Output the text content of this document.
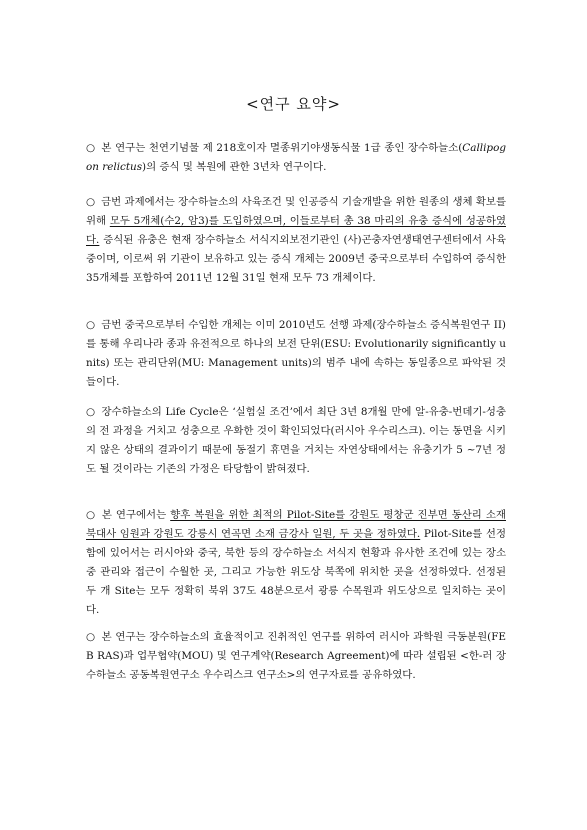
<연구 요약>

○ 본 연구는 천연기념물 제 218호이자 멸종위기야생동식물 1급 종인 장수하늘소(Callipogon relictus)의 증식 및 복원에 관한 3년차 연구이다.

○ 금번 과제에서는 장수하늘소의 사육조건 및 인공증식 기술개발을 위한 원종의 생체 확보를 위해 모두 5개체(수2, 암3)를 도입하였으며, 이들로부터 총 38 마리의 유충 증식에 성공하였다. 증식된 유충은 현재 장수하늘소 서식지외보전기관인 (사)곤충자연생태연구센터에서 사육 중이며, 이로써 위 기관이 보유하고 있는 증식 개체는 2009년 중국으로부터 수입하여 증식한 35개체를 포함하여 2011년 12월 31일 현재 모두 73 개체이다.

○ 금번 중국으로부터 수입한 개체는 이미 2010년도 선행 과제(장수하늘소 증식복원연구 II)를 통해 우리나라 종과 유전적으로 하나의 보전 단위(ESU: Evolutionarily significantly units) 또는 관리단위(MU: Management units)의 범주 내에 속하는 동일종으로 파악된 것들이다.

○ 장수하늘소의 Life Cycle은 ‘실험실 조건’에서 최단 3년 8개월 만에 알-유충-번데기-성충의 전 과정을 거치고 성충으로 우화한 것이 확인되었다(러시아 우수리스크). 이는 동면을 시키지 않은 상태의 결과이기 때문에 동절기 휴면을 거치는 자연상태에서는 유충기가 5 ~7년 정도 될 것이라는 기존의 가정은 타당함이 밝혀졌다.

○ 본 연구에서는 향후 복원을 위한 최적의 Pilot-Site를 강원도 평창군 진부면 동산리 소재 북대사 임원과 강원도 강릉시 연곡면 소재 금강사 일원, 두 곳을 정하였다. Pilot-Site를 선정함에 있어서는 러시아와 중국, 북한 등의 장수하늘소 서식지 현황과 유사한 조건에 있는 장소 중 관리와 접근이 수월한 곳, 그리고 가능한 위도상 북쪽에 위치한 곳을 선정하였다. 선정된 두 개 Site는 모두 정확히 북위 37도 48분으로서 광릉 수목원과 위도상으로 일치하는 곳이다.

○ 본 연구는 장수하늘소의 효율적이고 진취적인 연구를 위하여 러시아 과학원 극동분원(FEB RAS)과 업무협약(MOU) 및 연구계약(Research Agreement)에 따라 설립된 <한-러 장수하늘소 공동복원연구소 우수리스크 연구소>의 연구자료를 공유하였다.
